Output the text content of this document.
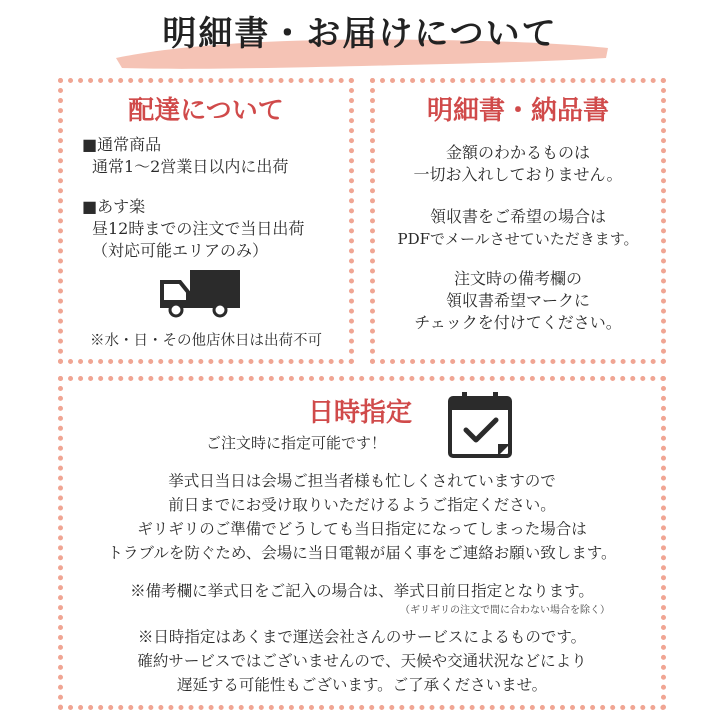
明細書・お届けについて
配達について
■通常商品
通常1～2営業日以内に出荷
■あす楽
昼12時までの注文で当日出荷
（対応可能エリアのみ）
※水・日・その他店休日は出荷不可
明細書・納品書
金額のわかるものは
一切お入れしておりません。
領収書をご希望の場合は
PDFでメールさせていただきます。
注文時の備考欄の
領収書希望マークに
チェックを付けてください。
日時指定
ご注文時に指定可能です！
挙式日当日は会場ご担当者様も忙しくされていますので
前日までにお受け取りいただけるようご指定ください。
ギリギリのご準備でどうしても当日指定になってしまった場合は
トラブルを防ぐため、会場に当日電報が届く事をご連絡お願い致します。
※備考欄に挙式日をご記入の場合は、挙式日前日指定となります。
（ギリギリの注文で間に合わない場合を除く）
※日時指定はあくまで運送会社さんのサービスによるものです。
確約サービスではございませんので、天候や交通状況などにより
遅延する可能性もございます。ご了承くださいませ。
